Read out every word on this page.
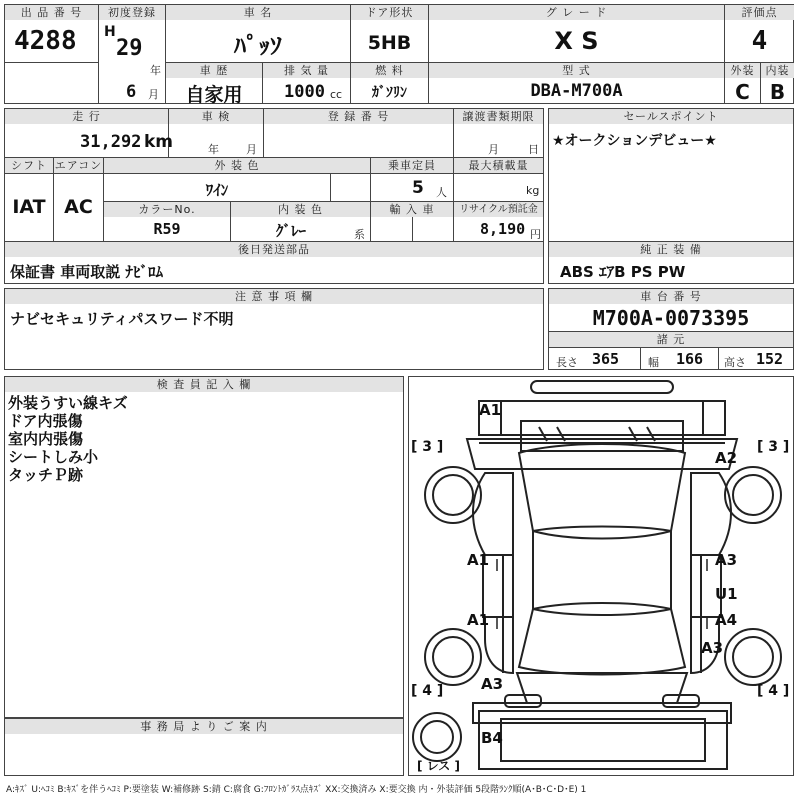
出 品 番 号
4288
初度登録
H
29
年
6 月
車 名
ﾊﾟｯｿ
ドア形状
5HB
グ レ ー ド
X S
評価点
4
車 歴
自家用
排 気 量
1000 cc
燃 料
ｶﾞｿﾘﾝ
型 式
DBA-M700A
外装
C
内装
B
走 行
31,292 km
車 検
年 月
登 録 番 号	譲渡書類期限
月	日
シフト
IAT
エアコン
AC
外 装 色
ﾜｲﾝ
乗車定員
5 人
最大積載量
kg
カラーNo.
R59
内 装 色
ｸﾞﾚｰ	系
輸 入 車	リサイクル預託金
8,190 円
後日発送部品
保証書 車両取説 ﾅﾋﾞﾛﾑ
セールスポイント
★オークションデビュー★
純 正 装 備
ABS ｴｱB PS PW
注 意 事 項 欄
ナビセキュリティパスワード不明
車 台 番 号
M700A-0073395
諸 元
長さ 365	幅 166 高さ 152
検 査 員 記 入 欄
外装うすい線キズ
ドア内張傷
室内内張傷
シートしみ小
タッチＰ跡
事 務 局 よ り ご 案 内
A1
A2
A1	A3
U1
A1	A4
A3
A3
B4
[ 3 ]	[ 3 ]
[ 4 ]	[ 4 ]
[ レス ]
A:ｷｽﾞ U:ﾍｺﾐ B:ｷｽﾞを伴うﾍｺﾐ P:要塗装 W:補修跡 S:錆 C:腐食 G:ﾌﾛﾝﾄｶﾞﾗｽ点ｷｽﾞ XX:交換済み X:要交換 内・外装評価 5段階ﾗﾝｸ順(A･B･C･D･E) 1
